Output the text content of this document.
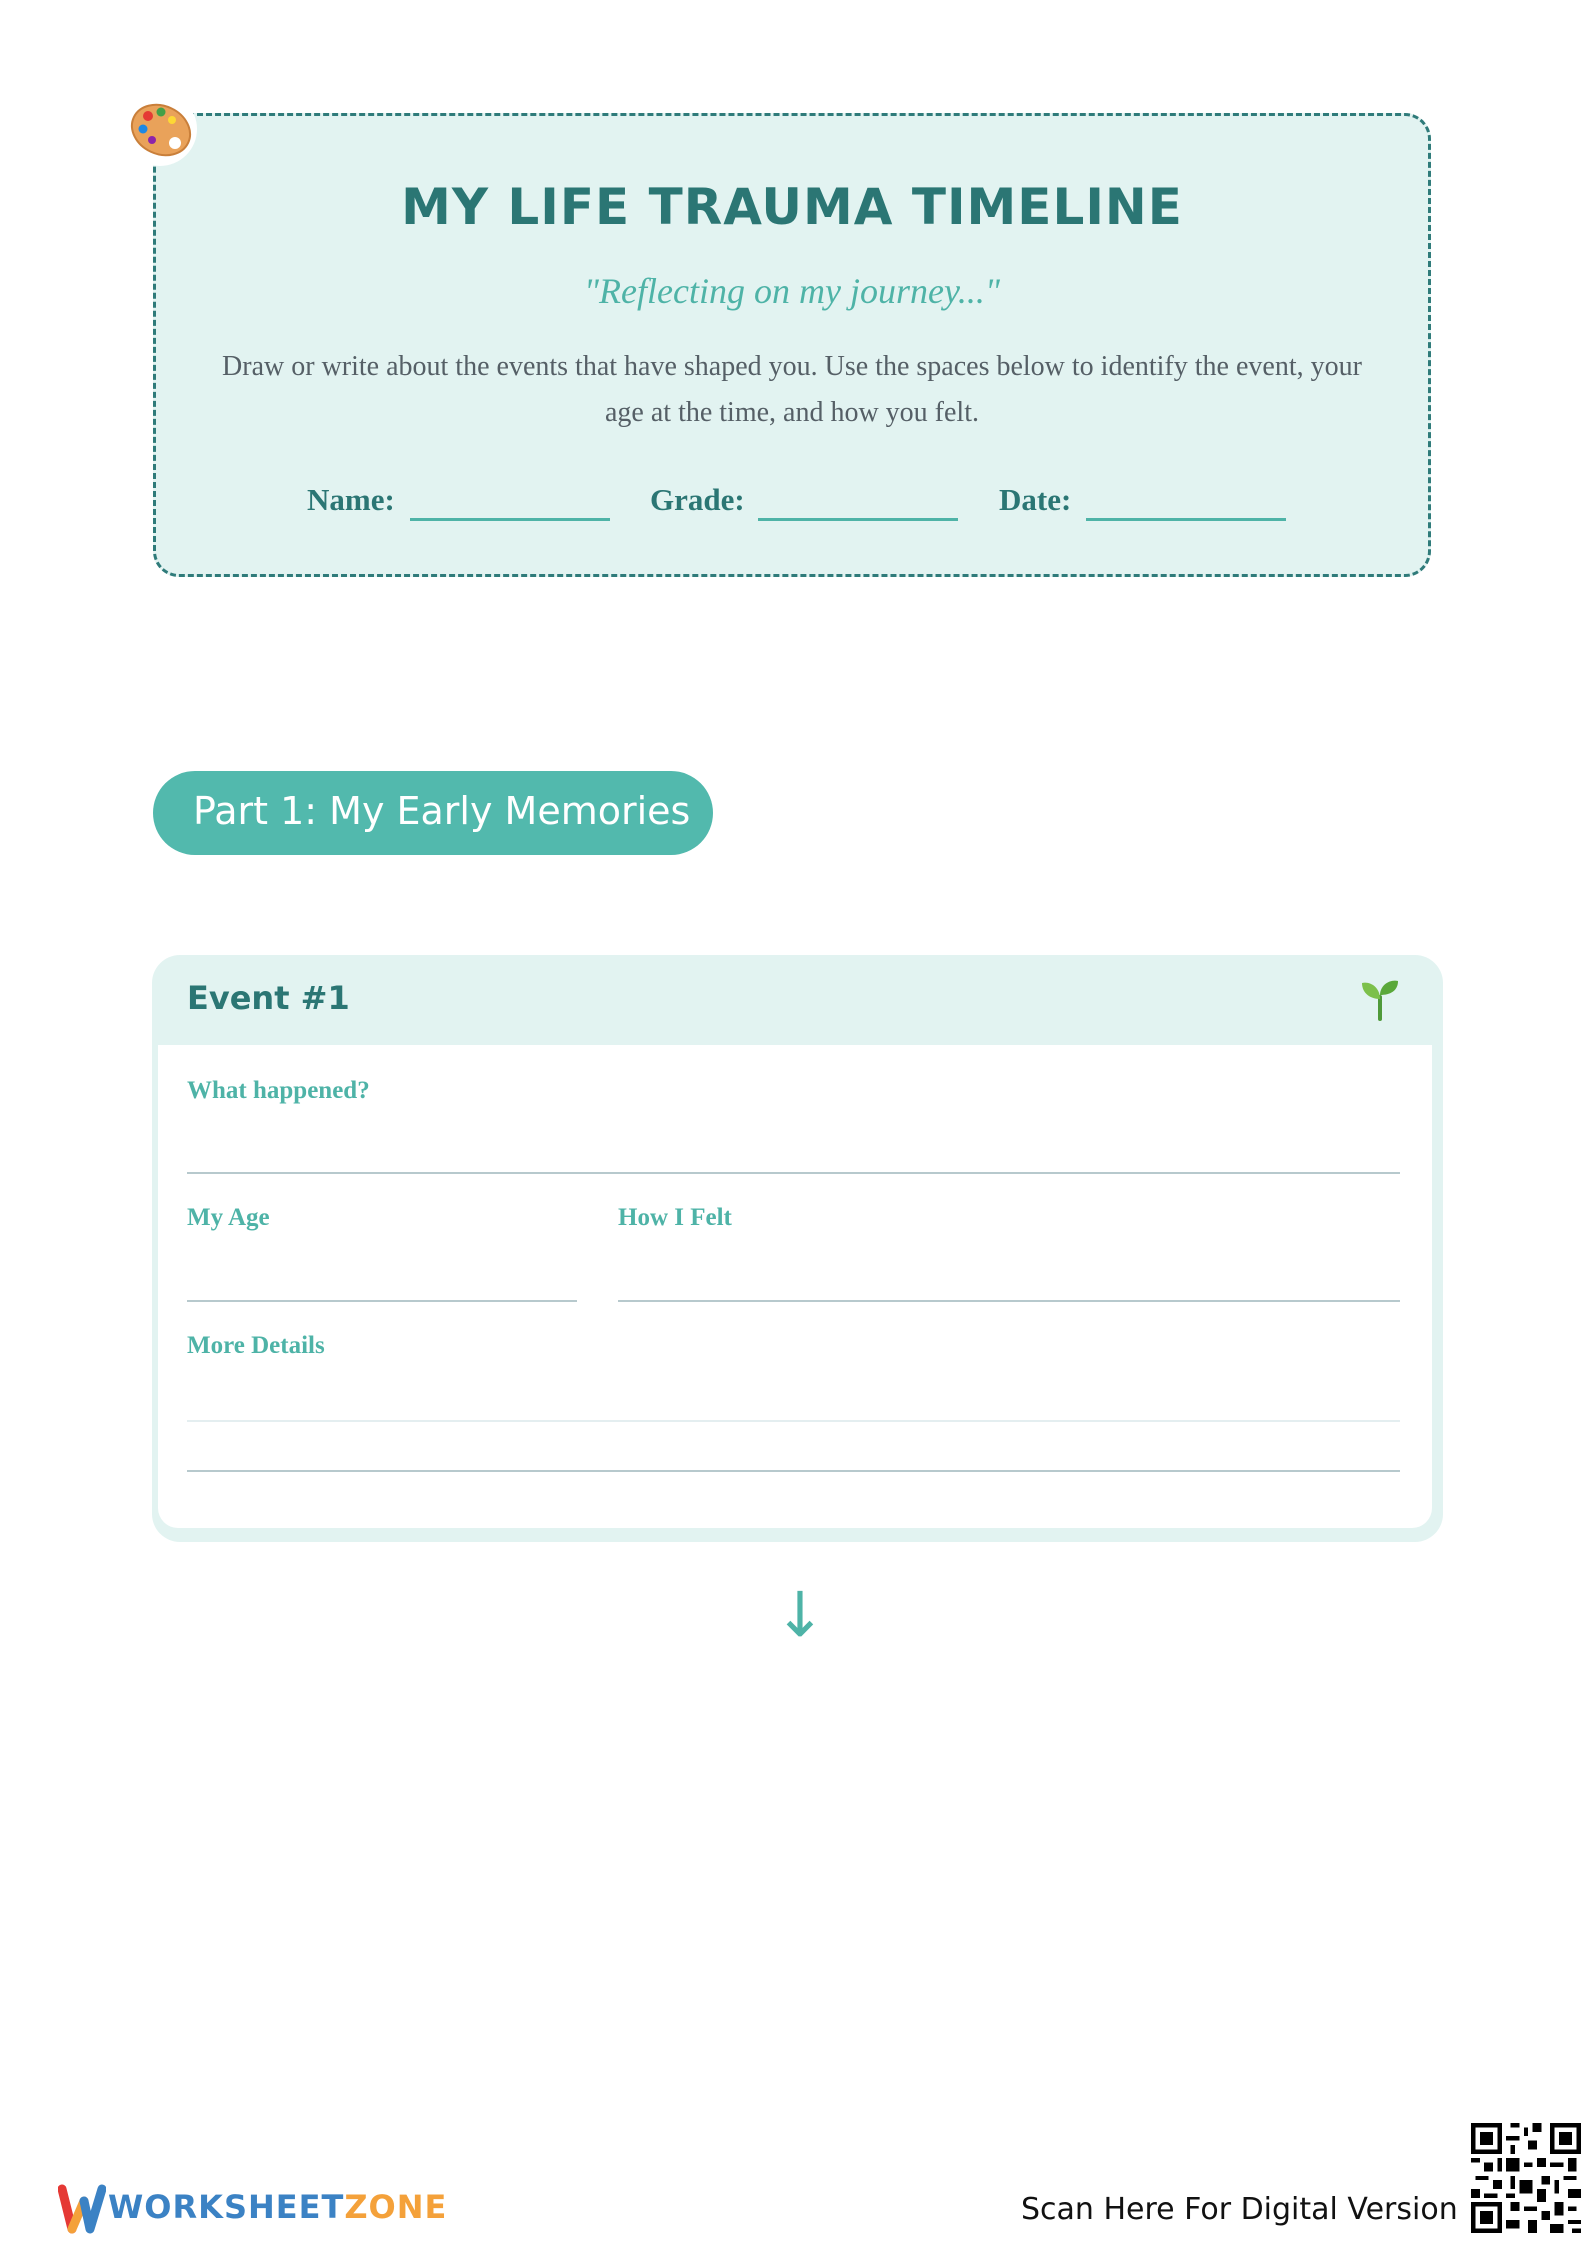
MY LIFE TRAUMA TIMELINE
"Reflecting on my journey..."
Draw or write about the events that have shaped you. Use the spaces below to identify the event, your age at the time, and how you felt.
Name:	Grade:	Date:
Part 1: My Early Memories
Event #1
What happened?
My Age	How I Felt
More Details
↓
WORKSHEETZONE	Scan Here For Digital Version
